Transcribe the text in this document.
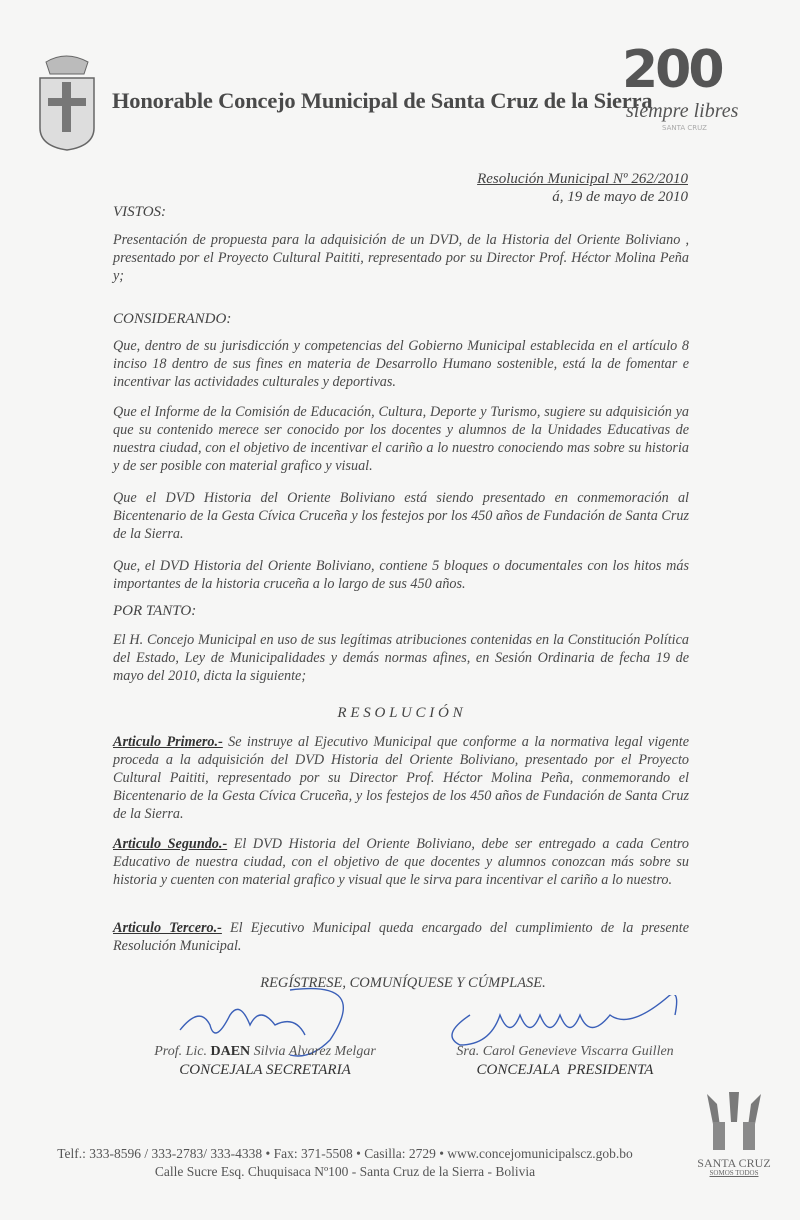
Honorable Concejo Municipal de Santa Cruz de la Sierra
200
siempre libres
SANTA CRUZ
Resolución Municipal Nº 262/2010
á, 19 de mayo de 2010
VISTOS:
Presentación de propuesta para la adquisición de un DVD, de la Historia del Oriente Boliviano , presentado por el Proyecto Cultural Paititi, representado por su Director Prof. Héctor Molina Peña y;
CONSIDERANDO:
Que, dentro de su jurisdicción y competencias del Gobierno Municipal establecida en el artículo 8 inciso 18 dentro de sus fines en materia de Desarrollo Humano sostenible, está la de fomentar e incentivar las actividades culturales y deportivas.
Que el Informe de la Comisión de Educación, Cultura, Deporte y Turismo, sugiere su adquisición ya que su contenido merece ser conocido por los docentes y alumnos de la Unidades Educativas de nuestra ciudad, con el objetivo de incentivar el cariño a lo nuestro conociendo mas sobre su historia y de ser posible con material grafico y visual.
Que el DVD Historia del Oriente Boliviano está siendo presentado en conmemoración al Bicentenario de la Gesta Cívica Cruceña y los festejos por los 450 años de Fundación de Santa Cruz de la Sierra.
Que, el DVD Historia del Oriente Boliviano, contiene 5 bloques o documentales con los hitos más importantes de la historia cruceña a lo largo de sus 450 años.
POR TANTO:
El H. Concejo Municipal en uso de sus legítimas atribuciones contenidas en la Constitución Política del Estado, Ley de Municipalidades y demás normas afines, en Sesión Ordinaria de fecha 19 de mayo del 2010, dicta la siguiente;
R E S O L U C I Ó N
Articulo Primero.- Se instruye al Ejecutivo Municipal que conforme a la normativa legal vigente proceda a la adquisición del DVD Historia del Oriente Boliviano, presentado por el Proyecto Cultural Paititi, representado por su Director Prof. Héctor Molina Peña, conmemorando el Bicentenario de la Gesta Cívica Cruceña, y los festejos de los 450 años de Fundación de Santa Cruz de la Sierra.
Articulo Segundo.- El DVD Historia del Oriente Boliviano, debe ser entregado a cada Centro Educativo de nuestra ciudad, con el objetivo de que docentes y alumnos conozcan más sobre su historia y cuenten con material grafico y visual que le sirva para incentivar el cariño a lo nuestro.
Articulo Tercero.- El Ejecutivo Municipal queda encargado del cumplimiento de la presente Resolución Municipal.
REGÍSTRESE, COMUNÍQUESE Y CÚMPLASE.
Prof. Lic. DAEN Silvia Alvarez Melgar
CONCEJALA SECRETARIA
Sra. Carol Genevieve Viscarra Guillen
CONCEJALA  PRESIDENTA
Telf.: 333-8596 / 333-2783/ 333-4338 • Fax: 371-5508 • Casilla: 2729 • www.concejomunicipalscz.gob.bo
Calle Sucre Esq. Chuquisaca Nº100 - Santa Cruz de la Sierra - Bolivia
SANTA CRUZ
SOMOS TODOS
